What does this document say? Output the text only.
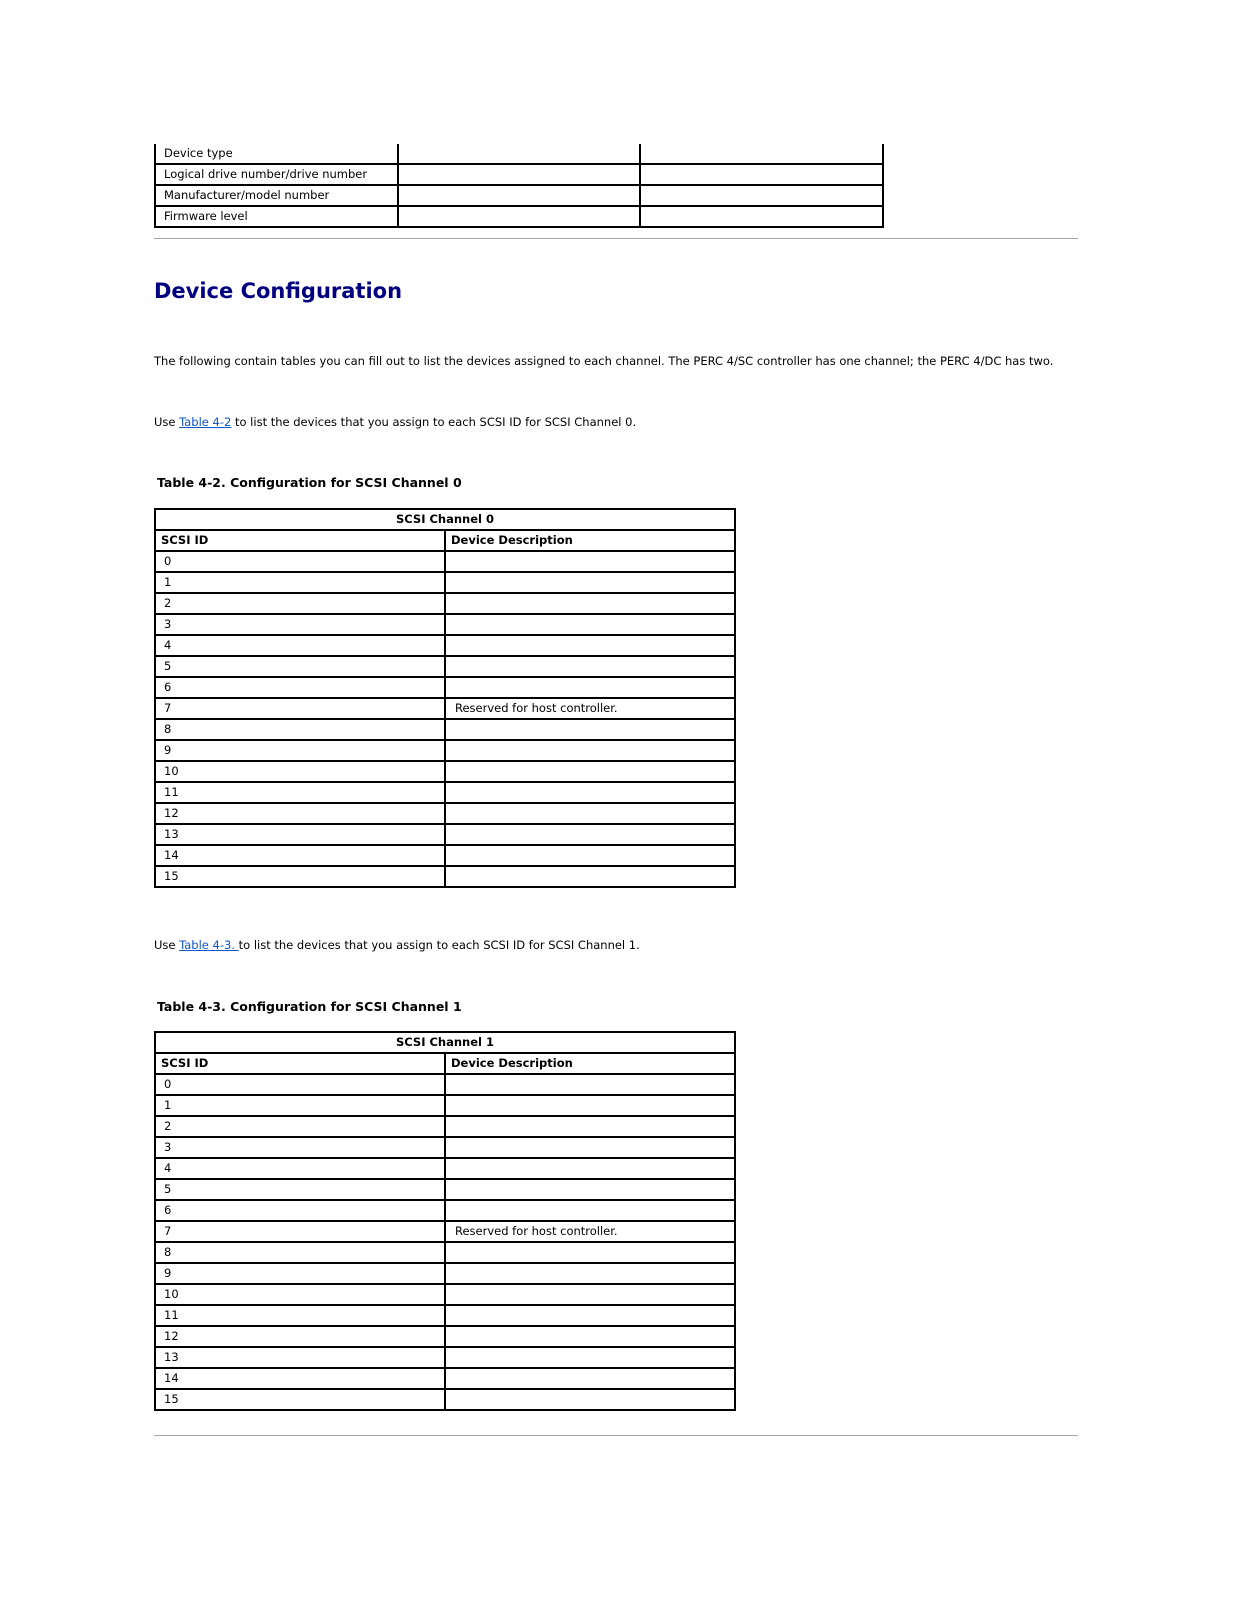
Device type		
Logical drive number/drive number		
Manufacturer/model number		
Firmware level		
Device Configuration

The following contain tables you can fill out to list the devices assigned to each channel. The PERC 4/SC controller has one channel; the PERC 4/DC has two.

Use Table 4-2 to list the devices that you assign to each SCSI ID for SCSI Channel 0.

Table 4-2. Configuration for SCSI Channel 0

SCSI Channel 0	
SCSI ID	Device Description
0	
1	
2	
3	
4	
5	
6	
7	Reserved for host controller.
8	
9	
10	
11	
12	
13	
14	
15	

Use Table 4-3. to list the devices that you assign to each SCSI ID for SCSI Channel 1.

Table 4-3. Configuration for SCSI Channel 1

SCSI Channel 1	
SCSI ID	Device Description
0	
1	
2	
3	
4	
5	
6	
7	Reserved for host controller.
8	
9	
10	
11	
12	
13	
14	
15	
